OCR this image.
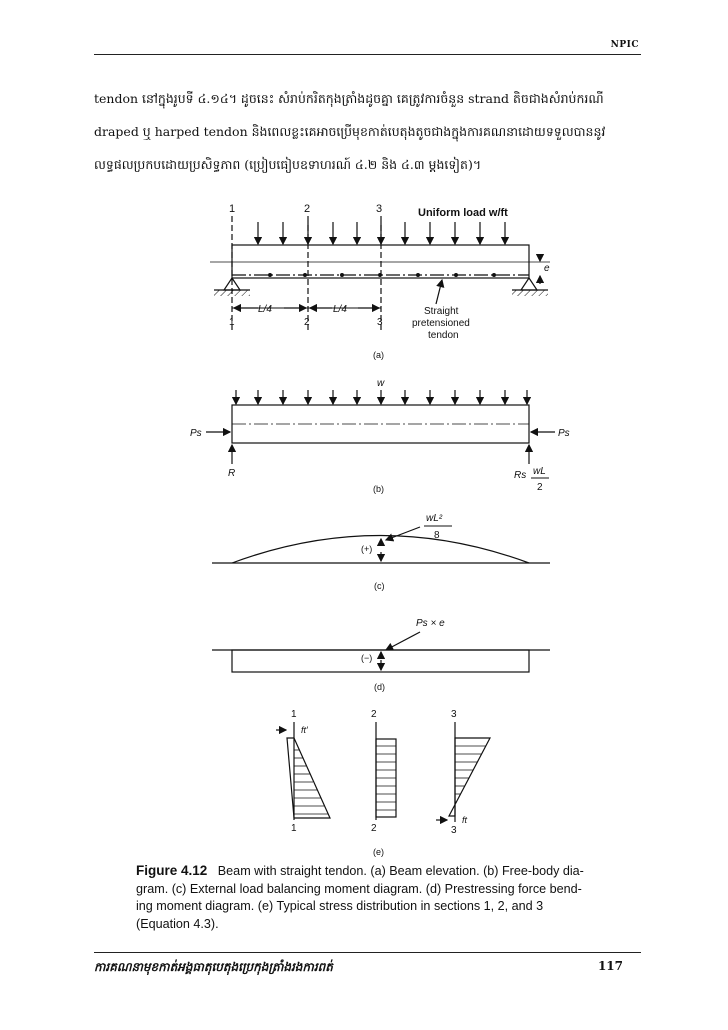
NPIC
tendon នៅក្នុងរូបទី ៤.១៤។ ដូចនេះ សំរាប់ករិតកុងត្រាំងដូចគ្នា គេត្រូវការចំនួន strand តិចជាងសំរាប់ករណី
draped ឬ harped tendon និងពេលខ្លះគេអាចប្រើមុខកាត់បេតុងតូចជាងក្នុងការគណនាដោយទទួលបាននូវ
លទ្ធផលប្រកបដោយប្រសិទ្ធភាព (ប្រៀបធៀបឧទាហរណ៍ ៤.២ និង ៤.៣ ម្តងទៀត)។
1	2	3	Uniform load w/ft
e
L/4	L/4
1	2	3
Straight
pretensioned
tendon
(a)
w
Ps	Ps
R	Rs wL
2
(b)
(+)
wL²
8
(c)
Ps × e
(−)
(d)
1
ft′
1
2
2
3
ft
3
(e)
Figure 4.12 Beam with straight tendon. (a) Beam elevation. (b) Free-body dia-
gram. (c) External load balancing moment diagram. (d) Prestressing force bend-
ing moment diagram. (e) Typical stress distribution in sections 1, 2, and 3
(Equation 4.3).
ការគណនាមុខកាត់អង្គធាតុបេតុងប្រេកុងត្រាំងរងការពត់	117
